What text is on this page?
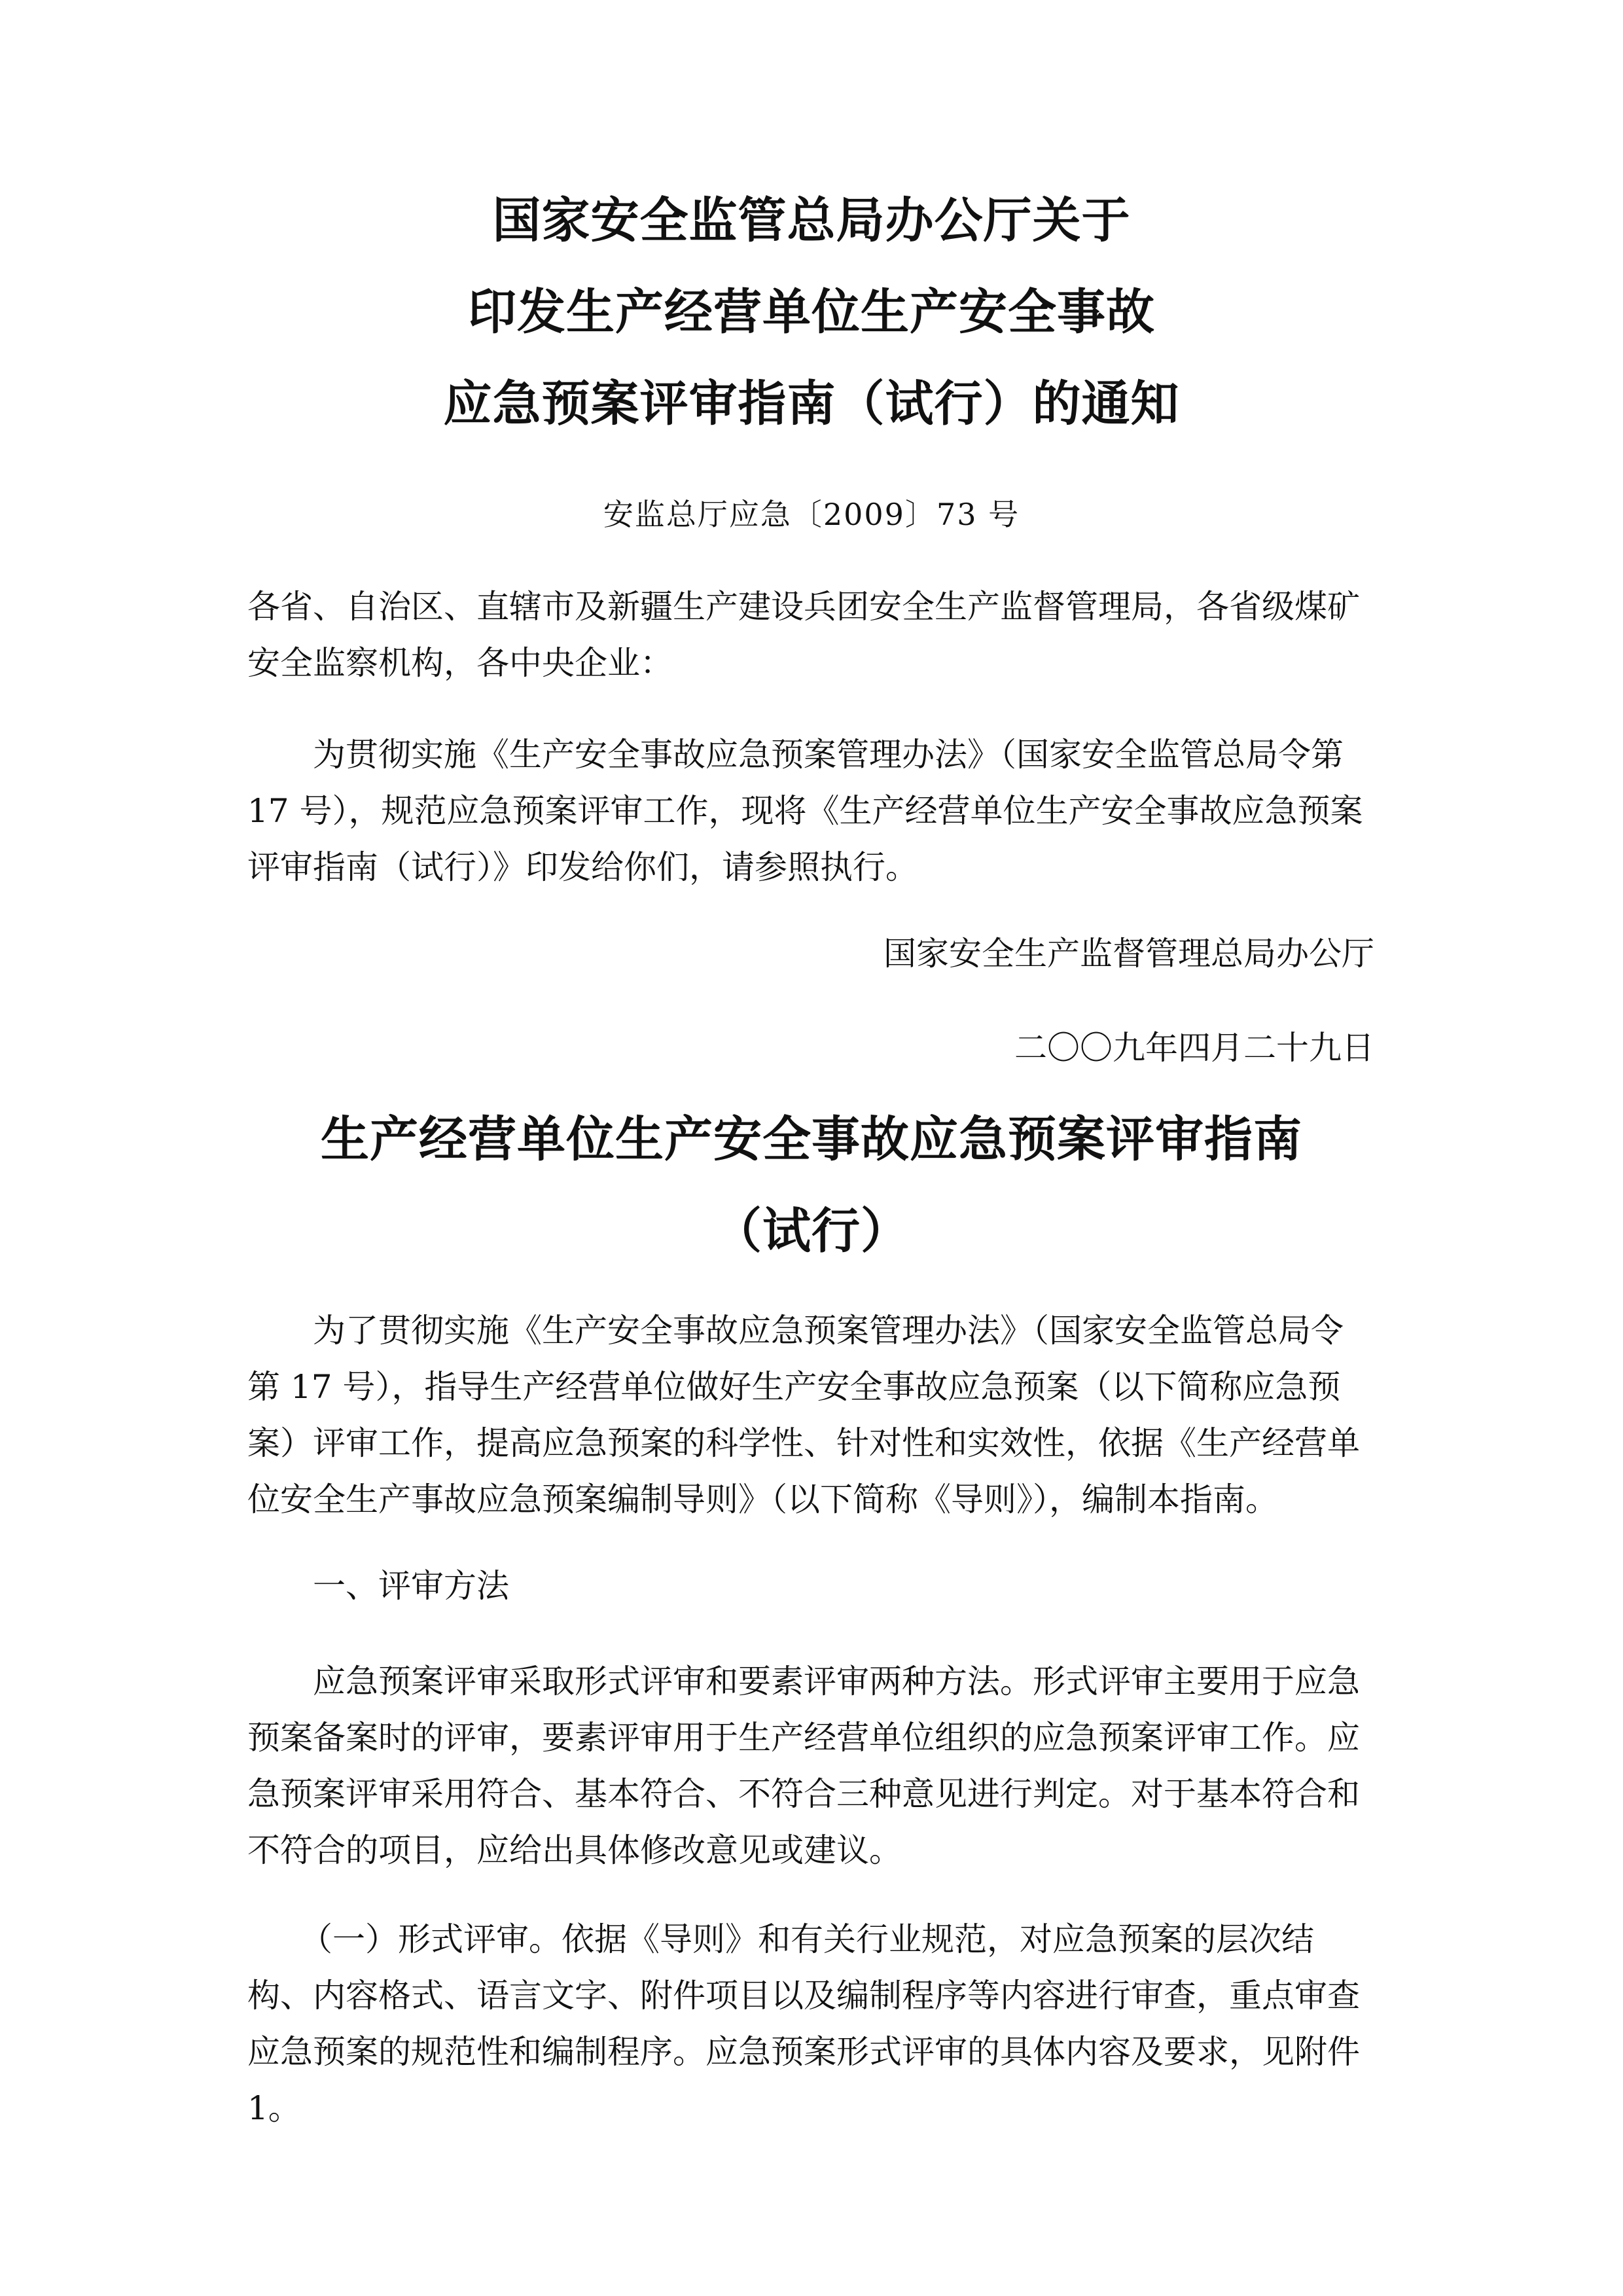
国家安全监管总局办公厅关于
印发生产经营单位生产安全事故
应急预案评审指南（试行）的通知
安监总厅应急〔2009〕73 号
各省、自治区、直辖市及新疆生产建设兵团安全生产监督管理局，各省级煤矿
安全监察机构，各中央企业：
为贯彻实施《生产安全事故应急预案管理办法》（国家安全监管总局令第
17 号），规范应急预案评审工作，现将《生产经营单位生产安全事故应急预案
评审指南（试行）》印发给你们，请参照执行。
国家安全生产监督管理总局办公厅
二〇〇九年四月二十九日
生产经营单位生产安全事故应急预案评审指南
（试行）
为了贯彻实施《生产安全事故应急预案管理办法》（国家安全监管总局令
第 17 号），指导生产经营单位做好生产安全事故应急预案（以下简称应急预
案）评审工作，提高应急预案的科学性、针对性和实效性，依据《生产经营单
位安全生产事故应急预案编制导则》（以下简称《导则》），编制本指南。
一、评审方法
应急预案评审采取形式评审和要素评审两种方法。形式评审主要用于应急
预案备案时的评审，要素评审用于生产经营单位组织的应急预案评审工作。应
急预案评审采用符合、基本符合、不符合三种意见进行判定。对于基本符合和
不符合的项目，应给出具体修改意见或建议。
（一）形式评审。依据《导则》和有关行业规范，对应急预案的层次结
构、内容格式、语言文字、附件项目以及编制程序等内容进行审查，重点审查
应急预案的规范性和编制程序。应急预案形式评审的具体内容及要求，见附件
1。
